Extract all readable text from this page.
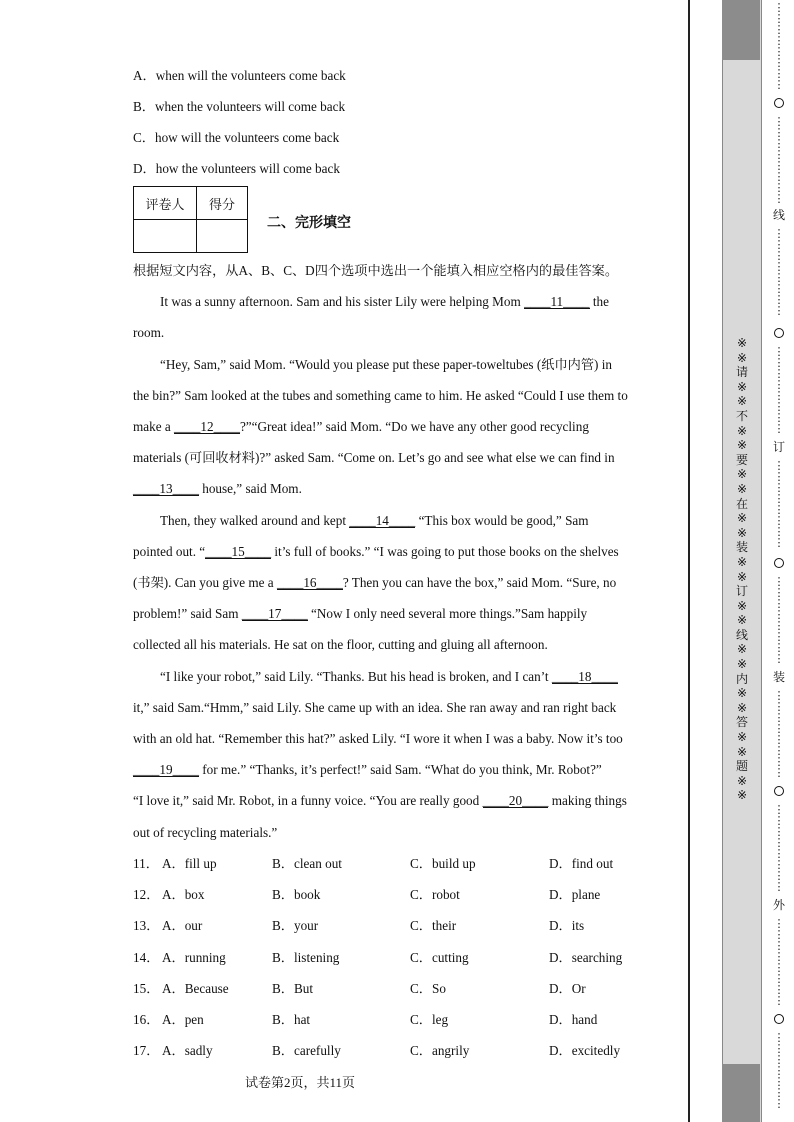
A．when will the volunteers come back
B．when the volunteers will come back
C．how will the volunteers come back
D．how the volunteers will come back
评卷人	得分

二、完形填空
根据短文内容，从A、B、C、D四个选项中选出一个能填入相应空格内的最佳答案。
It was a sunny afternoon. Sam and his sister Lily were helping Mom ____11____ the
room.
“Hey, Sam,” said Mom. “Would you please put these paper-toweltubes (纸巾内管) in
the bin?” Sam looked at the tubes and something came to him. He asked “Could I use them to
make a ____12____?”“Great idea!” said Mom. “Do we have any other good recycling
materials (可回收材料)?” asked Sam. “Come on. Let’s go and see what else we can find in
____13____ house,” said Mom.
Then, they walked around and kept ____14____ “This box would be good,” Sam
pointed out. “____15____ it’s full of books.” “I was going to put those books on the shelves
(书架). Can you give me a ____16____? Then you can have the box,” said Mom. “Sure, no
problem!” said Sam ____17____ “Now I only need several more things.”Sam happily
collected all his materials. He sat on the floor, cutting and gluing all afternoon.
“I like your robot,” said Lily. “Thanks. But his head is broken, and I can’t ____18____
it,” said Sam.“Hmm,” said Lily. She came up with an idea. She ran away and ran right back
with an old hat. “Remember this hat?” asked Lily. “I wore it when I was a baby. Now it’s too
____19____ for me.” “Thanks, it’s perfect!” said Sam. “What do you think, Mr. Robot?”
“I love it,” said Mr. Robot, in a funny voice. “You are really good ____20____ making things
out of recycling materials.”
11． A．fill up	B．clean out	C．build up	D．find out
12． A．box	B．book	C．robot	D．plane
13． A．our	B．your	C．their	D．its
14． A．running	B．listening	C．cutting	D．searching
15． A．Because	B．But	C．So	D．Or
16． A．pen	B．hat	C．leg	D．hand
17． A．sadly	B．carefully	C．angrily	D．excitedly
试卷第2页，共11页
※※请※※不※※要※※在※※装※※订※※线※※内※※答※※题※※
⋮
⋮
⋮
⋮
⋮
⋮
⋮
⋮
⋮
⋮
⋮
⋮
⋮
⋮
⋮
⋮
线
⋮
⋮
⋮
⋮
⋮
⋮
⋮
⋮
⋮
⋮
⋮
⋮
⋮
⋮
⋮
⋮
订
⋮
⋮
⋮
⋮
⋮
⋮
⋮
⋮
⋮
⋮
⋮
⋮
⋮
⋮
⋮
⋮
装
⋮
⋮
⋮
⋮
⋮
⋮
⋮
⋮
⋮
⋮
⋮
⋮
⋮
⋮
⋮
⋮
外
⋮
⋮
⋮
⋮
⋮
⋮
⋮
⋮
⋮
⋮
⋮
⋮
⋮
⋮
⋮
